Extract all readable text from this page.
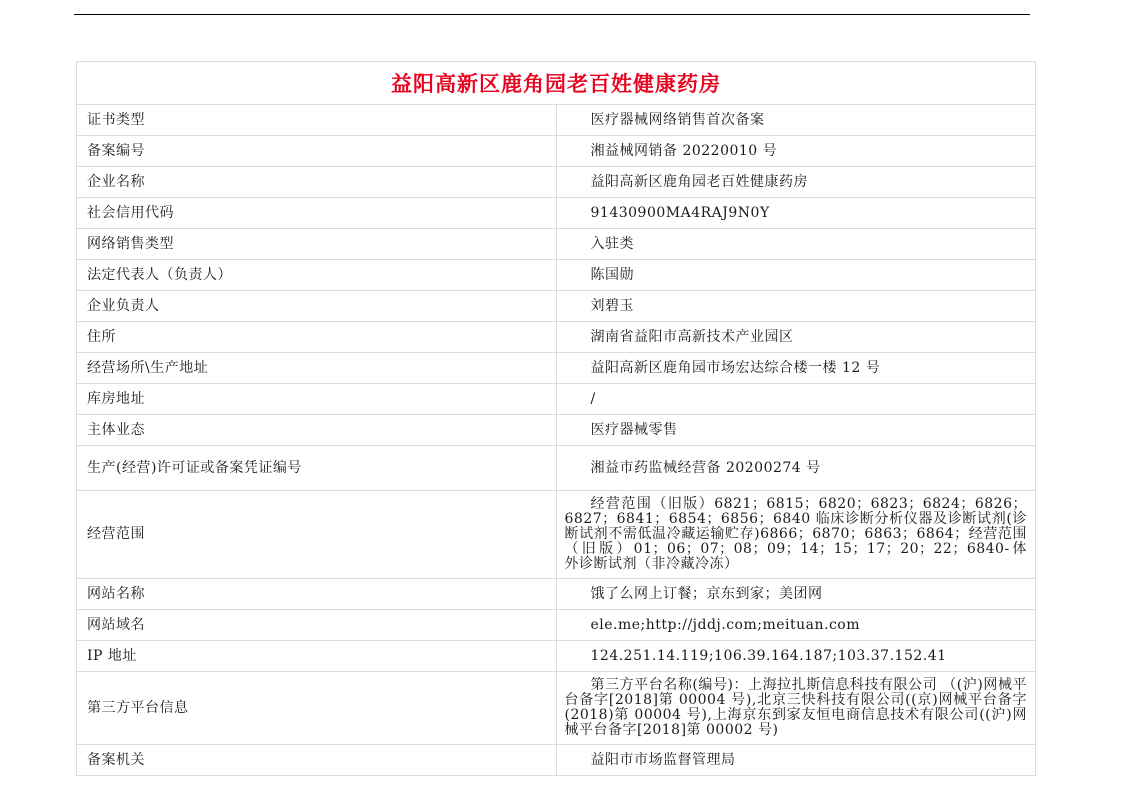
益阳高新区鹿角园老百姓健康药房	
证书类型	医疗器械网络销售首次备案
备案编号	湘益械网销备 20220010 号
企业名称	益阳高新区鹿角园老百姓健康药房
社会信用代码	91430900MA4RAJ9N0Y
网络销售类型	入驻类
法定代表人（负责人）	陈国勋
企业负责人	刘碧玉
住所	湖南省益阳市高新技术产业园区
经营场所\生产地址	益阳高新区鹿角园市场宏达综合楼一楼 12 号
库房地址	/
主体业态	医疗器械零售
生产(经营)许可证或备案凭证编号	湘益市药监械经营备 20200274 号
经营范围	经营范围（旧版）6821；6815；6820；6823；6824；6826；6827；6841；6854；6856；6840 临床诊断分析仪器及诊断试剂(诊断试剂不需低温冷藏运输贮存)6866；6870；6863；6864；经营范围（旧版）01；06；07；08；09；14；15；17；20；22；6840-体外诊断试剂（非冷藏冷冻）
网站名称	饿了么网上订餐；京东到家；美团网
网站域名	ele.me;http://jddj.com;meituan.com
IP 地址	124.251.14.119;106.39.164.187;103.37.152.41
第三方平台信息	第三方平台名称(编号)：上海拉扎斯信息科技有限公司 （(沪)网械平台备字[2018]第 00004 号),北京三快科技有限公司((京)网械平台备字(2018)第 00004 号),上海京东到家友恒电商信息技术有限公司((沪)网械平台备字[2018]第 00002 号)
备案机关	益阳市市场监督管理局
